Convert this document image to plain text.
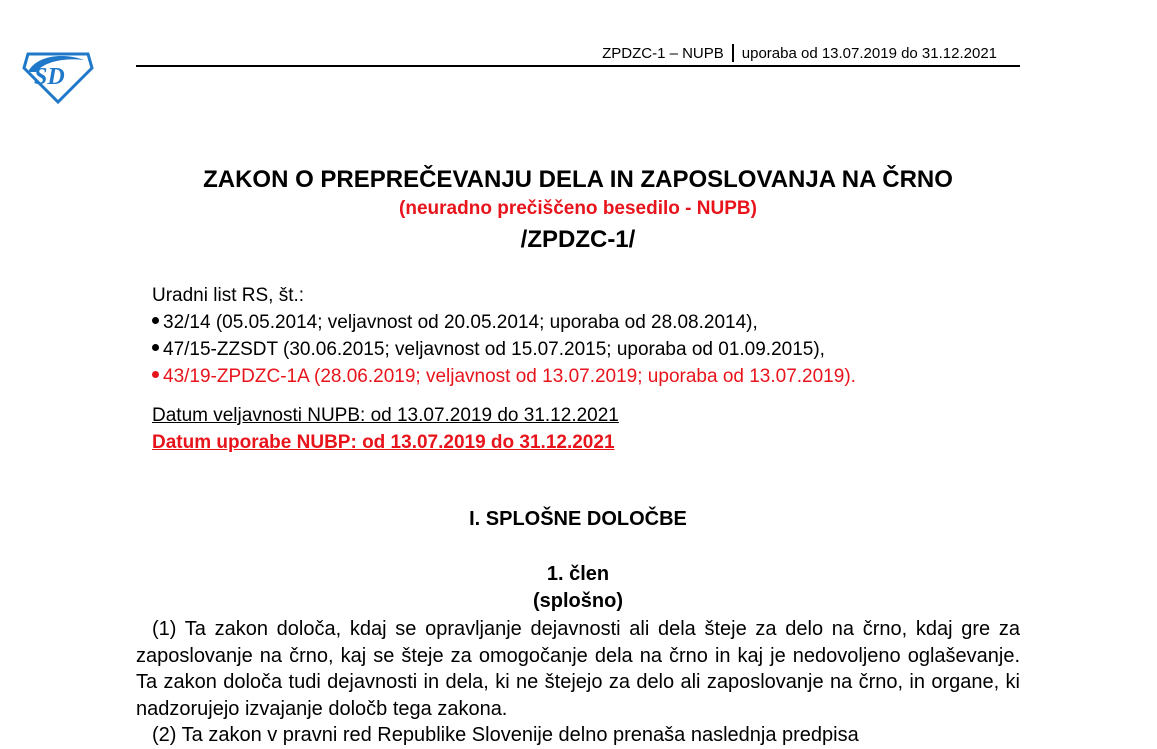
SD
ZPDZC-1 – NUPB uporaba od 13.07.2019 do 31.12.2021
ZAKON O PREPREČEVANJU DELA IN ZAPOSLOVANJA NA ČRNO
(neuradno prečiščeno besedilo - NUPB)
/ZPDZC-1/
Uradni list RS, št.:
32/14 (05.05.2014; veljavnost od 20.05.2014; uporaba od 28.08.2014),
47/15-ZZSDT (30.06.2015; veljavnost od 15.07.2015; uporaba od 01.09.2015),
43/19-ZPDZC-1A (28.06.2019; veljavnost od 13.07.2019; uporaba od 13.07.2019).
Datum veljavnosti NUPB: od 13.07.2019 do 31.12.2021
Datum uporabe NUBP: od 13.07.2019 do 31.12.2021
I. SPLOŠNE DOLOČBE
1. člen
(splošno)

(1) Ta zakon določa, kdaj se opravljanje dejavnosti ali dela šteje za delo na črno, kdaj gre za zaposlovanje na črno, kaj se šteje za omogočanje dela na črno in kaj je nedovoljeno oglaševanje. Ta zakon določa tudi dejavnosti in dela, ki ne štejejo za delo ali zaposlovanje na črno, in organe, ki nadzorujejo izvajanje določb tega zakona.

(2) Ta zakon v pravni red Republike Slovenije delno prenaša naslednja predpisa
